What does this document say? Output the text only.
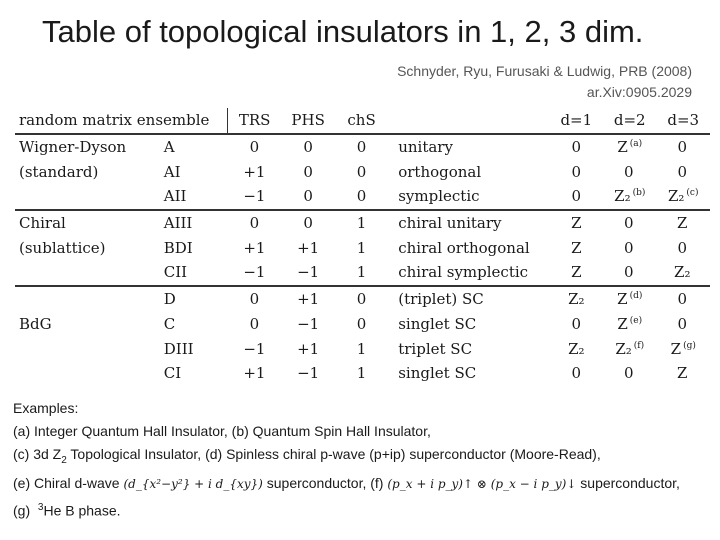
Table of topological insulators in 1, 2, 3 dim.
Schnyder, Ryu, Furusaki & Ludwig, PRB (2008)
ar.Xiv:0905.2029
random matrix ensemble		TRS	PHS	chS		d=1	d=2	d=3
Wigner-Dyson	A	0	0	0	unitary	0	Z $^{(a)}$	0
(standard)	AI	+1	0	0	orthogonal	0	0	0
	AII	−1	0	0	symplectic	0	Z₂ $^{(b)}$	Z₂ $^{(c)}$
Chiral	AIII	0	0	1	chiral unitary	Z	0	Z
(sublattice)	BDI	+1	+1	1	chiral orthogonal	Z	0	0
	CII	−1	−1	1	chiral symplectic	Z	0	Z₂
	D	0	+1	0	(triplet) SC	Z₂	Z $^{(d)}$	0
BdG	C	0	−1	0	singlet SC	0	Z $^{(e)}$	0
	DIII	−1	+1	1	triplet SC	Z₂	Z₂ $^{(f)}$	Z $^{(g)}$
	CI	+1	−1	1	singlet SC	0	0	Z
Examples:
(a) Integer Quantum Hall Insulator, (b) Quantum Spin Hall Insulator,
(c) 3d $Z_2$ Topological Insulator, (d) Spinless chiral p-wave (p+ip) superconductor (Moore-Read),
(e) Chiral d-wave (d_{x²−y²} + i d_{xy}) superconductor, (f) (p_x + i p_y)↑ ⊗ (p_x − i p_y)↓ superconductor,
(g)  $^3$He B phase.
